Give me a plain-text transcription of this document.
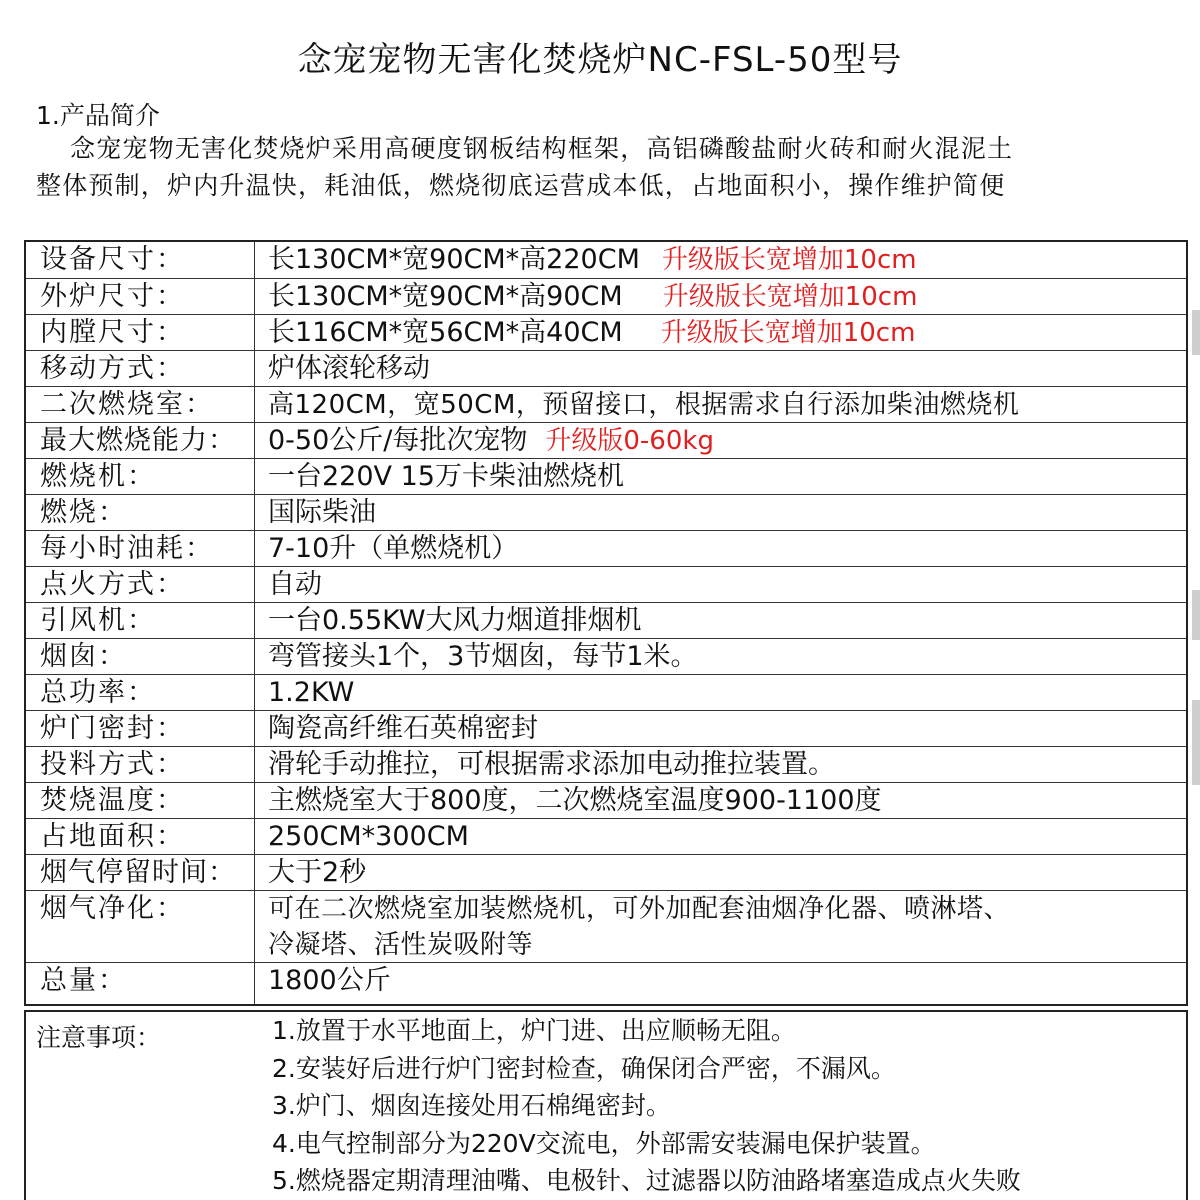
念宠宠物无害化焚烧炉NC-FSL-50型号
1.产品简介
念宠宠物无害化焚烧炉采用高硬度钢板结构框架，高铝磷酸盐耐火砖和耐火混泥土
整体预制，炉内升温快，耗油低，燃烧彻底运营成本低，占地面积小，操作维护简便
设备尺寸：	长130CM*宽90CM*高220CM 升级版长宽增加10cm
外炉尺寸：	长130CM*宽90CM*高90CM 升级版长宽增加10cm
内膛尺寸：	长116CM*宽56CM*高40CM 升级版长宽增加10cm
移动方式：	炉体滚轮移动
二次燃烧室： 高120CM，宽50CM，预留接口，根据需求自行添加柴油燃烧机
最大燃烧能力： 0-50公斤/每批次宠物 升级版0-60kg
燃烧机：	一台220V 15万卡柴油燃烧机
燃烧：	国际柴油
每小时油耗： 7-10升（单燃烧机）
点火方式：	自动
引风机：	一台0.55KW大风力烟道排烟机
烟囱：	弯管接头1个，3节烟囱，每节1米。
总功率：	1.2KW
炉门密封：	陶瓷高纤维石英棉密封
投料方式：	滑轮手动推拉，可根据需求添加电动推拉装置。
焚烧温度：	主燃烧室大于800度，二次燃烧室温度900-1100度
占地面积：	250CM*300CM
烟气停留时间： 大于2秒
烟气净化：	可在二次燃烧室加装燃烧机，可外加配套油烟净化器、喷淋塔、
冷凝塔、活性炭吸附等
总量：	1800公斤
注意事项：	1.放置于水平地面上，炉门进、出应顺畅无阻。
2.安装好后进行炉门密封检查，确保闭合严密，不漏风。
3.炉门、烟囱连接处用石棉绳密封。
4.电气控制部分为220V交流电，外部需安装漏电保护装置。
5.燃烧器定期清理油嘴、电极针、过滤器以防油路堵塞造成点火失败
